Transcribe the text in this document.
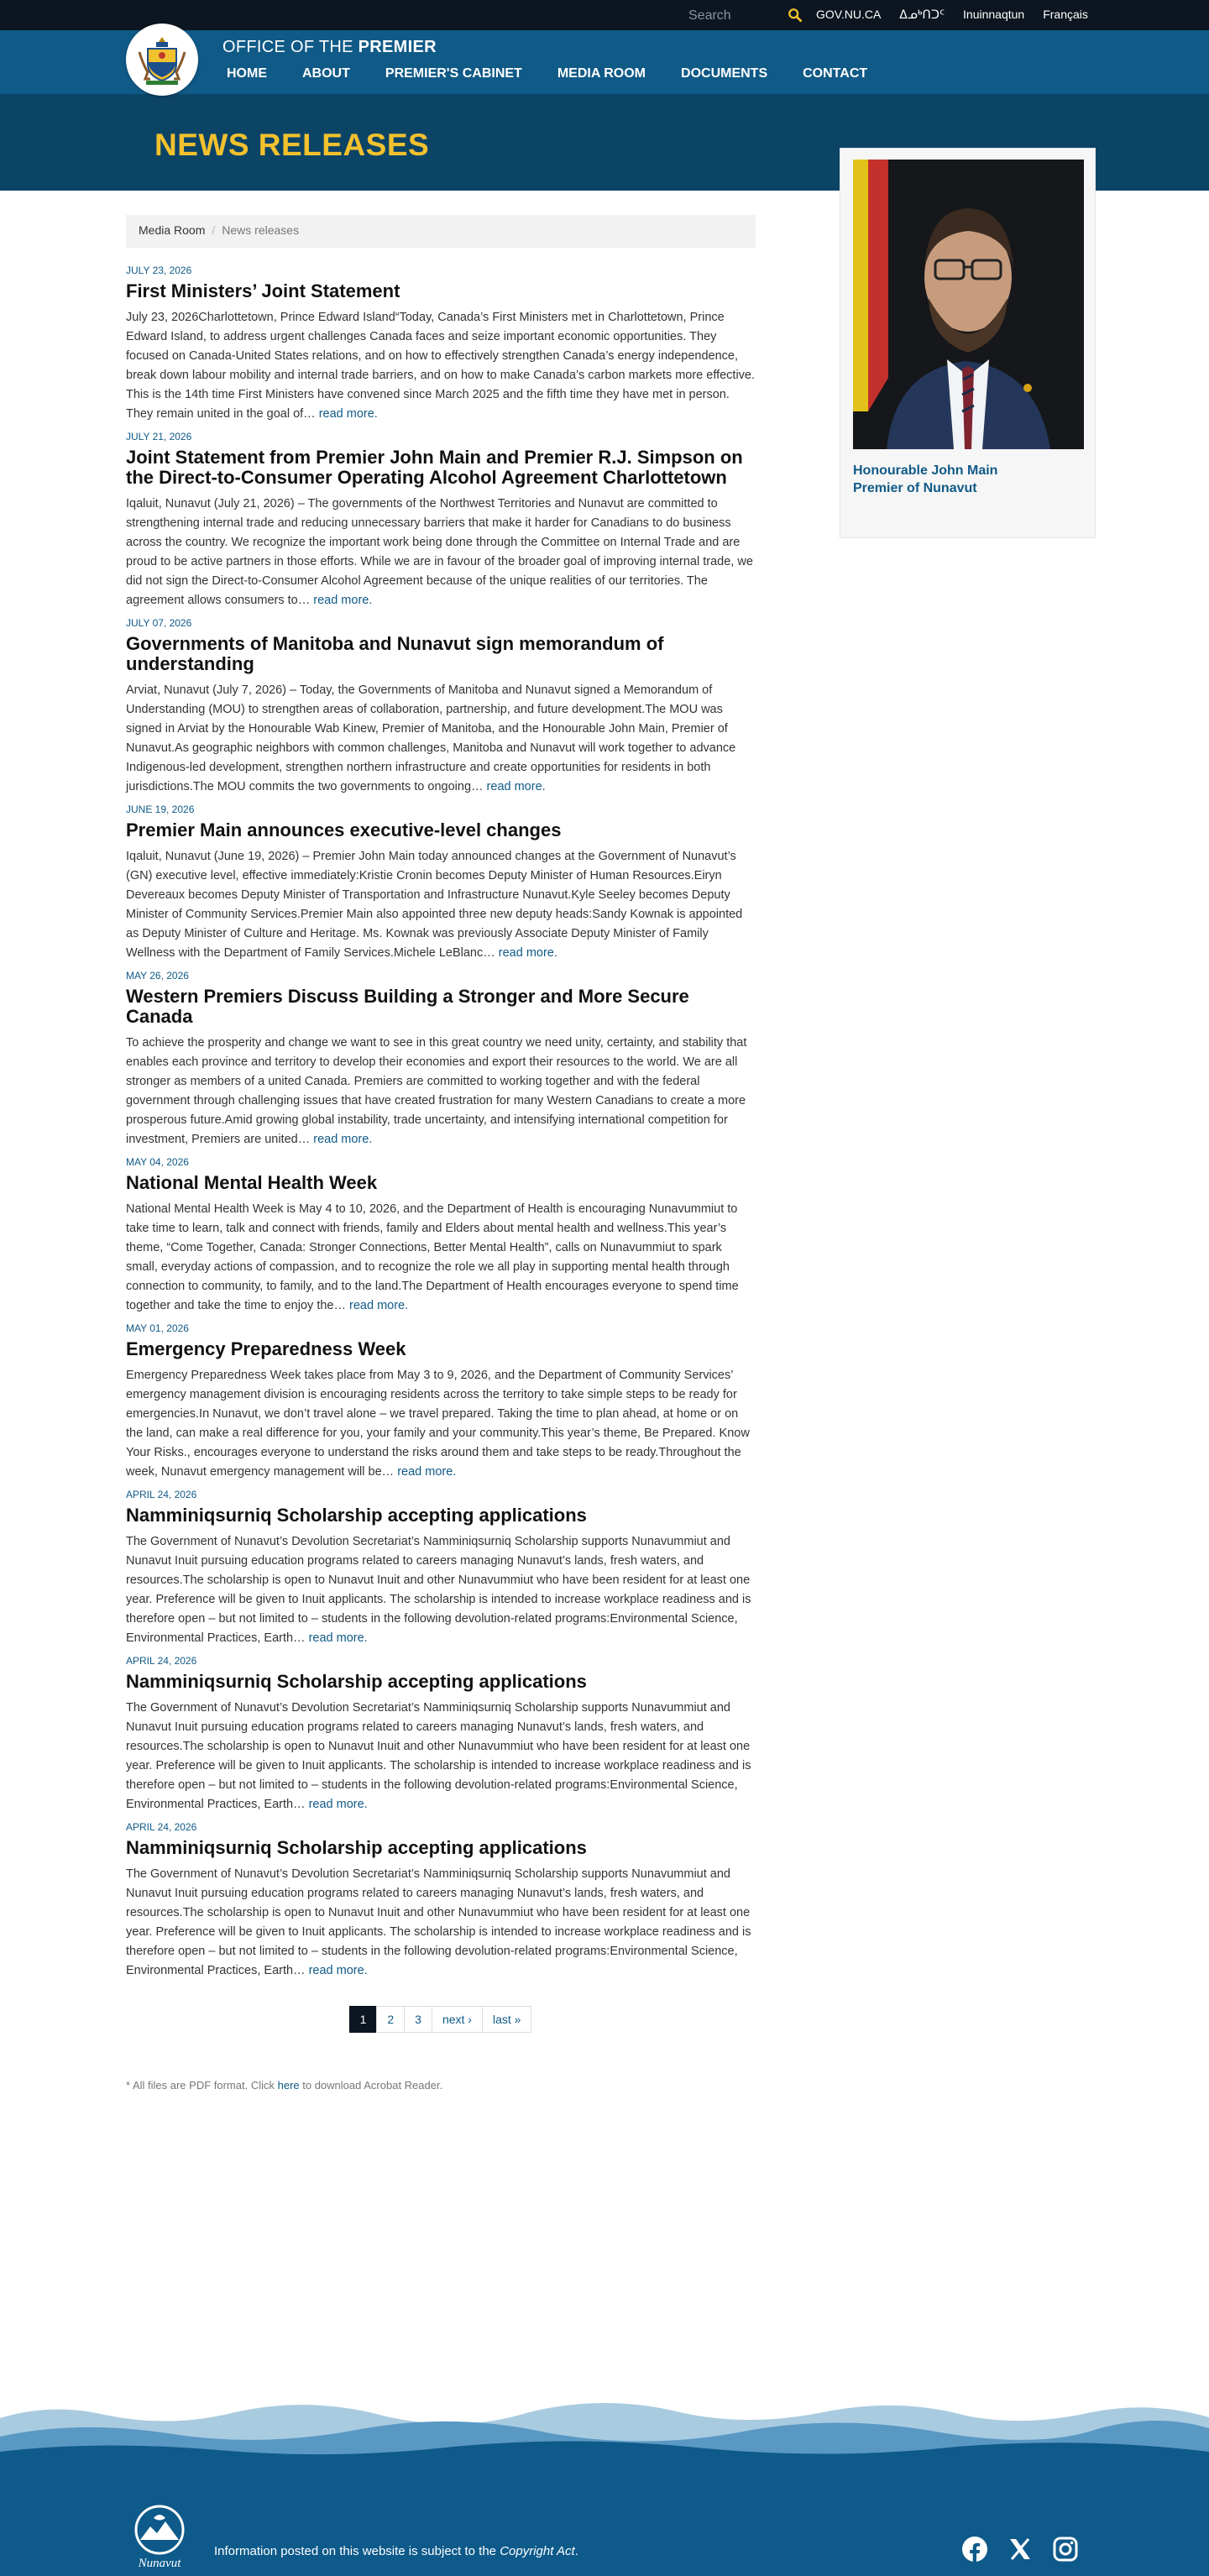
Search
GOV.NU.CA ᐃᓄᒃᑎᑐᑦ Inuinnaqtun Français
OFFICE OF THE PREMIER
HOME	ABOUT	PREMIER'S CABINET	MEDIA ROOM	DOCUMENTS	CONTACT
NEWS RELEASES
Honourable John Main
Premier of Nunavut
Media Room / News releases
JULY 23, 2026
First Ministers’ Joint Statement

July 23, 2026Charlottetown, Prince Edward Island“Today, Canada’s First Ministers met in Charlottetown, Prince Edward Island, to address urgent challenges Canada faces and seize important economic opportunities. They focused on Canada-United States relations, and on how to effectively strengthen Canada’s energy independence, break down labour mobility and internal trade barriers, and on how to make Canada’s carbon markets more effective. This is the 14th time First Ministers have convened since March 2025 and the fifth time they have met in person. They remain united in the goal of… read more.

JULY 21, 2026
Joint Statement from Premier John Main and Premier R.J. Simpson on the Direct-to-Consumer Operating Alcohol Agreement Charlottetown

Iqaluit, Nunavut (July 21, 2026) – The governments of the Northwest Territories and Nunavut are committed to strengthening internal trade and reducing unnecessary barriers that make it harder for Canadians to do business across the country. We recognize the important work being done through the Committee on Internal Trade and are proud to be active partners in those efforts. While we are in favour of the broader goal of improving internal trade, we did not sign the Direct-to-Consumer Alcohol Agreement because of the unique realities of our territories. The agreement allows consumers to… read more.

JULY 07, 2026
Governments of Manitoba and Nunavut sign memorandum of understanding

Arviat, Nunavut (July 7, 2026) – Today, the Governments of Manitoba and Nunavut signed a Memorandum of Understanding (MOU) to strengthen areas of collaboration, partnership, and future development.The MOU was signed in Arviat by the Honourable Wab Kinew, Premier of Manitoba, and the Honourable John Main, Premier of Nunavut.As geographic neighbors with common challenges, Manitoba and Nunavut will work together to advance Indigenous-led development, strengthen northern infrastructure and create opportunities for residents in both jurisdictions.The MOU commits the two governments to ongoing… read more.

JUNE 19, 2026
Premier Main announces executive-level changes

Iqaluit, Nunavut (June 19, 2026) – Premier John Main today announced changes at the Government of Nunavut’s (GN) executive level, effective immediately:Kristie Cronin becomes Deputy Minister of Human Resources.Eiryn Devereaux becomes Deputy Minister of Transportation and Infrastructure Nunavut.Kyle Seeley becomes Deputy Minister of Community Services.Premier Main also appointed three new deputy heads:Sandy Kownak is appointed as Deputy Minister of Culture and Heritage. Ms. Kownak was previously Associate Deputy Minister of Family Wellness with the Department of Family Services.Michele LeBlanc… read more.

MAY 26, 2026
Western Premiers Discuss Building a Stronger and More Secure Canada

To achieve the prosperity and change we want to see in this great country we need unity, certainty, and stability that enables each province and territory to develop their economies and export their resources to the world. We are all stronger as members of a united Canada. Premiers are committed to working together and with the federal government through challenging issues that have created frustration for many Western Canadians to create a more prosperous future.Amid growing global instability, trade uncertainty, and intensifying international competition for investment, Premiers are united… read more.

MAY 04, 2026
National Mental Health Week

National Mental Health Week is May 4 to 10, 2026, and the Department of Health is encouraging Nunavummiut to take time to learn, talk and connect with friends, family and Elders about mental health and wellness.This year’s theme, “Come Together, Canada: Stronger Connections, Better Mental Health”, calls on Nunavummiut to spark small, everyday actions of compassion, and to recognize the role we all play in supporting mental health through connection to community, to family, and to the land.The Department of Health encourages everyone to spend time together and take the time to enjoy the… read more.

MAY 01, 2026
Emergency Preparedness Week

Emergency Preparedness Week takes place from May 3 to 9, 2026, and the Department of Community Services’ emergency management division is encouraging residents across the territory to take simple steps to be ready for emergencies.In Nunavut, we don’t travel alone – we travel prepared. Taking the time to plan ahead, at home or on the land, can make a real difference for you, your family and your community.This year’s theme, Be Prepared. Know Your Risks., encourages everyone to understand the risks around them and take steps to be ready.Throughout the week, Nunavut emergency management will be… read more.

APRIL 24, 2026
Namminiqsurniq Scholarship accepting applications

The Government of Nunavut’s Devolution Secretariat’s Namminiqsurniq Scholarship supports Nunavummiut and Nunavut Inuit pursuing education programs related to careers managing Nunavut’s lands, fresh waters, and resources.The scholarship is open to Nunavut Inuit and other Nunavummiut who have been resident for at least one year. Preference will be given to Inuit applicants. The scholarship is intended to increase workplace readiness and is therefore open – but not limited to – students in the following devolution-related programs:Environmental Science, Environmental Practices, Earth… read more.

APRIL 24, 2026
Namminiqsurniq Scholarship accepting applications

The Government of Nunavut’s Devolution Secretariat’s Namminiqsurniq Scholarship supports Nunavummiut and Nunavut Inuit pursuing education programs related to careers managing Nunavut’s lands, fresh waters, and resources.The scholarship is open to Nunavut Inuit and other Nunavummiut who have been resident for at least one year. Preference will be given to Inuit applicants. The scholarship is intended to increase workplace readiness and is therefore open – but not limited to – students in the following devolution-related programs:Environmental Science, Environmental Practices, Earth… read more.

APRIL 24, 2026
Namminiqsurniq Scholarship accepting applications

The Government of Nunavut’s Devolution Secretariat’s Namminiqsurniq Scholarship supports Nunavummiut and Nunavut Inuit pursuing education programs related to careers managing Nunavut’s lands, fresh waters, and resources.The scholarship is open to Nunavut Inuit and other Nunavummiut who have been resident for at least one year. Preference will be given to Inuit applicants. The scholarship is intended to increase workplace readiness and is therefore open – but not limited to – students in the following devolution-related programs:Environmental Science, Environmental Practices, Earth… read more.

1	2	3	next ›	last »
* All files are PDF format. Click here to download Acrobat Reader.
Nunavut
Information posted on this website is subject to the Copyright Act.
